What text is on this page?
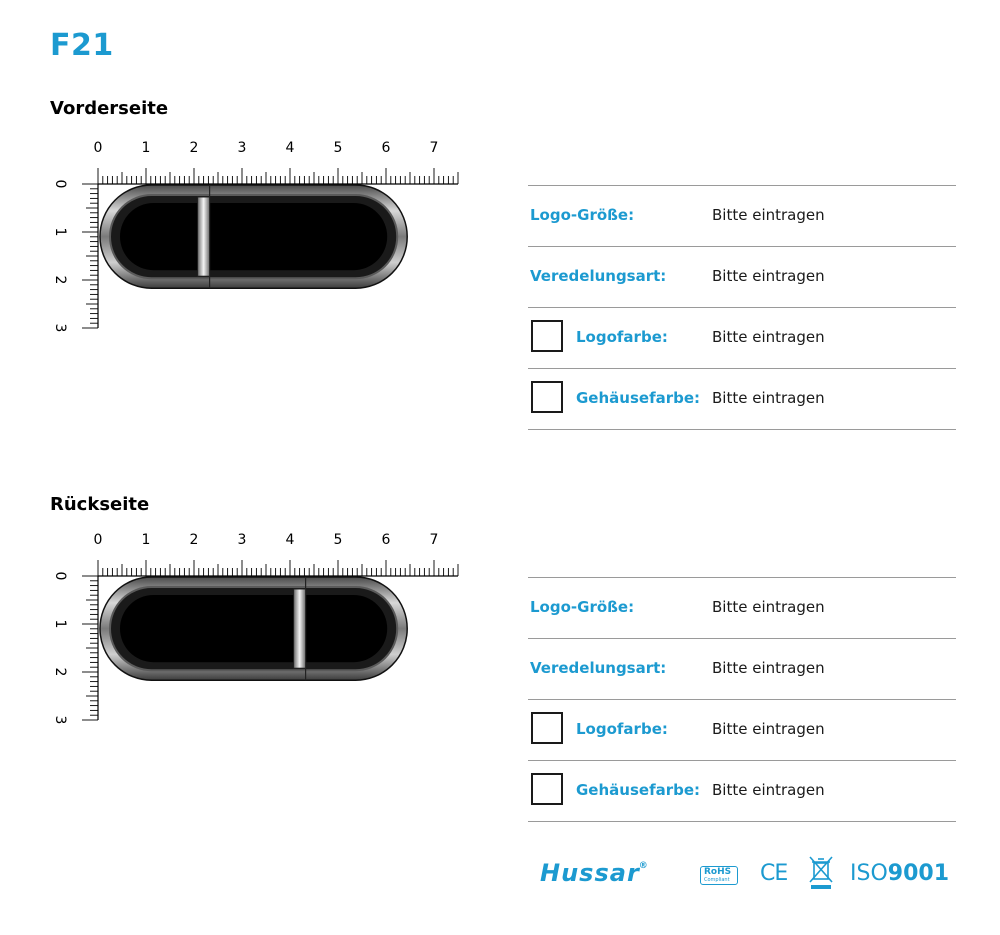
F21
Vorderseite
0	1	2	3	4	5	6	7
0
1
2
3
Logo-Größe:	Bitte eintragen
Veredelungsart:	Bitte eintragen
Logofarbe:	Bitte eintragen
Gehäusefarbe: Bitte eintragen
Rückseite
0	1	2	3	4	5	6	7
0
1
2
3
Logo-Größe:	Bitte eintragen
Veredelungsart:	Bitte eintragen
Logofarbe:	Bitte eintragen
Gehäusefarbe: Bitte eintragen
Hussar ®
RoHS
Compliant CE	ISO9001
